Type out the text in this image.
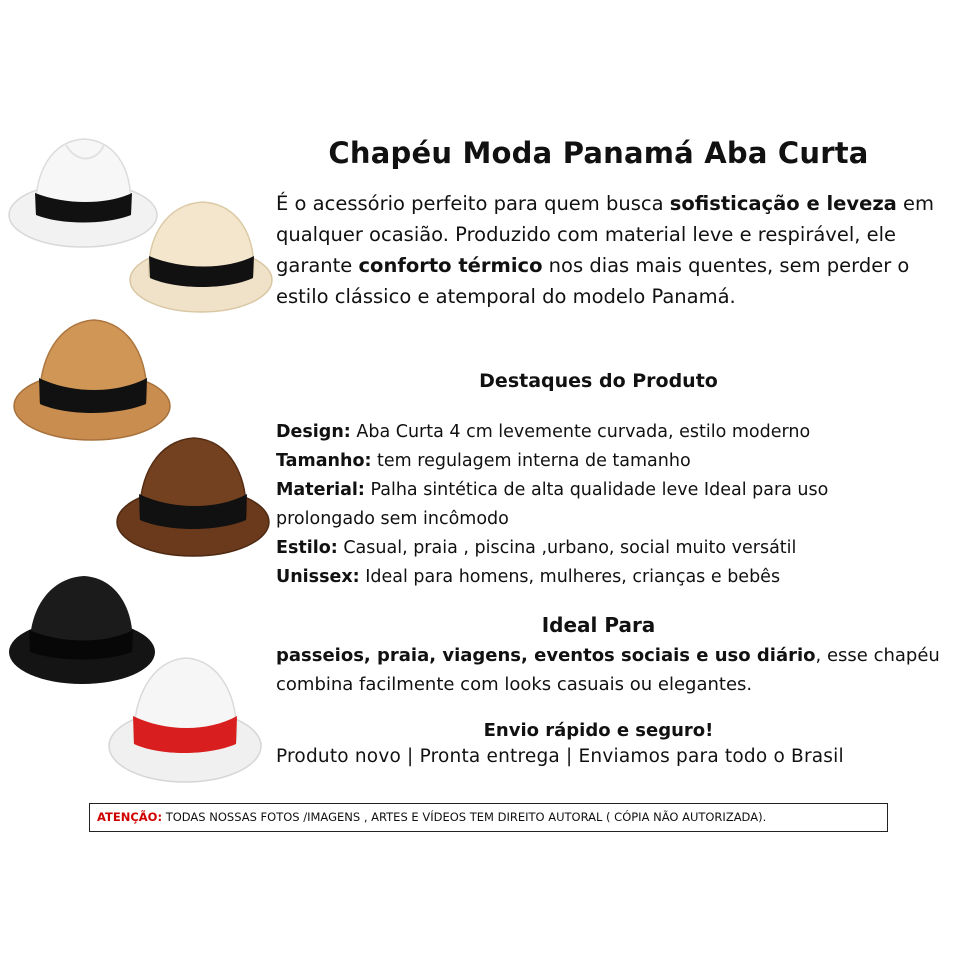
Chapéu Moda Panamá Aba Curta

É o acessório perfeito para quem busca sofisticação e leveza em qualquer ocasião. Produzido com material leve e respirável, ele garante conforto térmico nos dias mais quentes, sem perder o estilo clássico e atemporal do modelo Panamá.

Destaques do Produto
Design: Aba Curta 4 cm levemente curvada, estilo moderno
Tamanho: tem regulagem interna de tamanho
Material: Palha sintética de alta qualidade leve Ideal para uso prolongado sem incômodo
Estilo: Casual, praia , piscina ,urbano, social muito versátil
Unissex: Ideal para homens, mulheres, crianças e bebês
Ideal Para

passeios, praia, viagens, eventos sociais e uso diário, esse chapéu combina facilmente com looks casuais ou elegantes.

Envio rápido e seguro!

Produto novo | Pronta entrega | Enviamos para todo o Brasil

ATENÇÃO: TODAS NOSSAS FOTOS /IMAGENS , ARTES E VÍDEOS TEM DIREITO AUTORAL ( CÓPIA NÃO AUTORIZADA).
